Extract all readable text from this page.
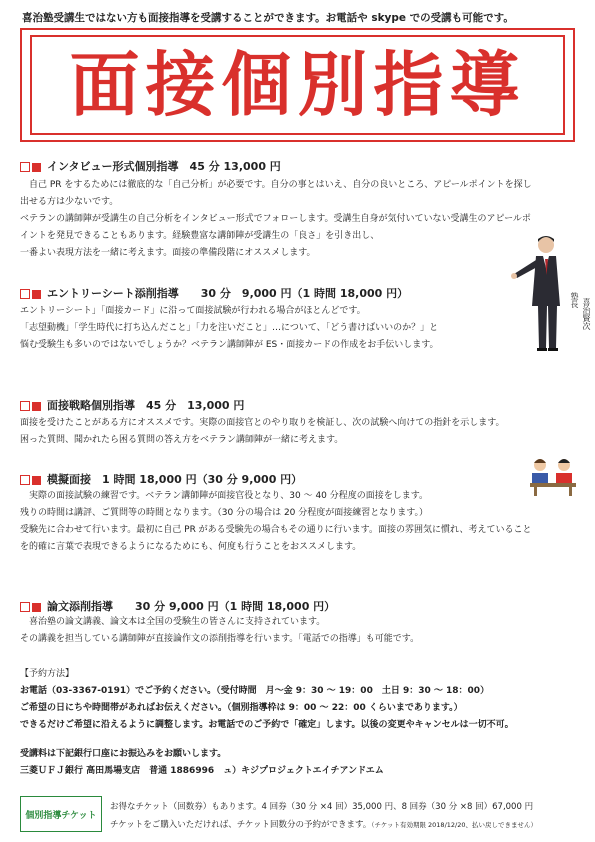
喜治塾受講生ではない方も面接指導を受講することができます。お電話や skype での受講も可能です。
面接個別指導
インタビュー形式個別指導　45 分 13,000 円
　自己 PR をするためには徹底的な「自己分析」が必要です。自分の事とはいえ、自分の良いところ、アピールポイントを探し
出せる方は少ないです。
ベテランの講師陣が受講生の自己分析をインタビュー形式でフォローします。受講生自身が気付いていない受講生のアピールポ
イントを発見できることもあります。経験豊富な講師陣が受講生の「良さ」を引き出し、
一番よい表現方法を一緒に考えます。面接の準備段階にオススメします。
エントリーシート添削指導　　30 分　9,000 円（1 時間 18,000 円）
エントリーシート」「面接カード」に沿って面接試験が行われる場合がほとんどです。
「志望動機」「学生時代に打ち込んだこと」「力を注いだこと」…について、「どう書けばいいのか？」と
悩む受験生も多いのではないでしょうか？ベテラン講師陣が ES・面接カードの作成をお手伝いします。
面接戦略個別指導　45 分　13,000 円
面接を受けたことがある方にオススメです。実際の面接官とのやり取りを検証し、次の試験へ向けての指針を示します。
困った質問、聞かれたら困る質問の答え方をベテラン講師陣が一緒に考えます。
模擬面接　1 時間 18,000 円（30 分 9,000 円）
　実際の面接試験の練習です。ベテラン講師陣が面接官役となり、30 ～ 40 分程度の面接をします。
残りの時間は講評、ご質問等の時間となります。（30 分の場合は 20 分程度が面接練習となります。）
受験先に合わせて行います。最初に自己 PR がある受験先の場合もその通りに行います。面接の雰囲気に慣れ、考えていること
を的確に言葉で表現できるようになるためにも、何度も行うことをおススメします。
論文添削指導　　30 分 9,000 円（1 時間 18,000 円）
　喜治塾の論文講義、論文本は全国の受験生の皆さんに支持されています。
その講義を担当している講師陣が直接論作文の添削指導を行います。「電話での指導」も可能です。
【予約方法】
お電話（03-3367-0191）でご予約ください。（受付時間　月～金 9：30 ～ 19：00　土日 9：30 ～ 18：00）
ご希望の日にちや時間帯があればお伝えください。（個別指導枠は 9：00 ～ 22：00 くらいまであります。）
できるだけご希望に沿えるように調整します。お電話でのご予約で「確定」します。以後の変更やキャンセルは一切不可。
受講料は下記銀行口座にお振込みをお願いします。
三菱ＵＦＪ銀行 高田馬場支店　普通 1886996　ュ）キジプロジェクトエイチアンドエム
個別指導チケット
お得なチケット（回数券）もあります。4 回券（30 分 ×4 回）35,000 円、8 回券（30 分 ×8 回）67,000 円
チケットをご購入いただければ、チケット回数分の予約ができます。（チケット有効期限 2018/12/20、払い戻しできません）
塾長 喜治賢次
